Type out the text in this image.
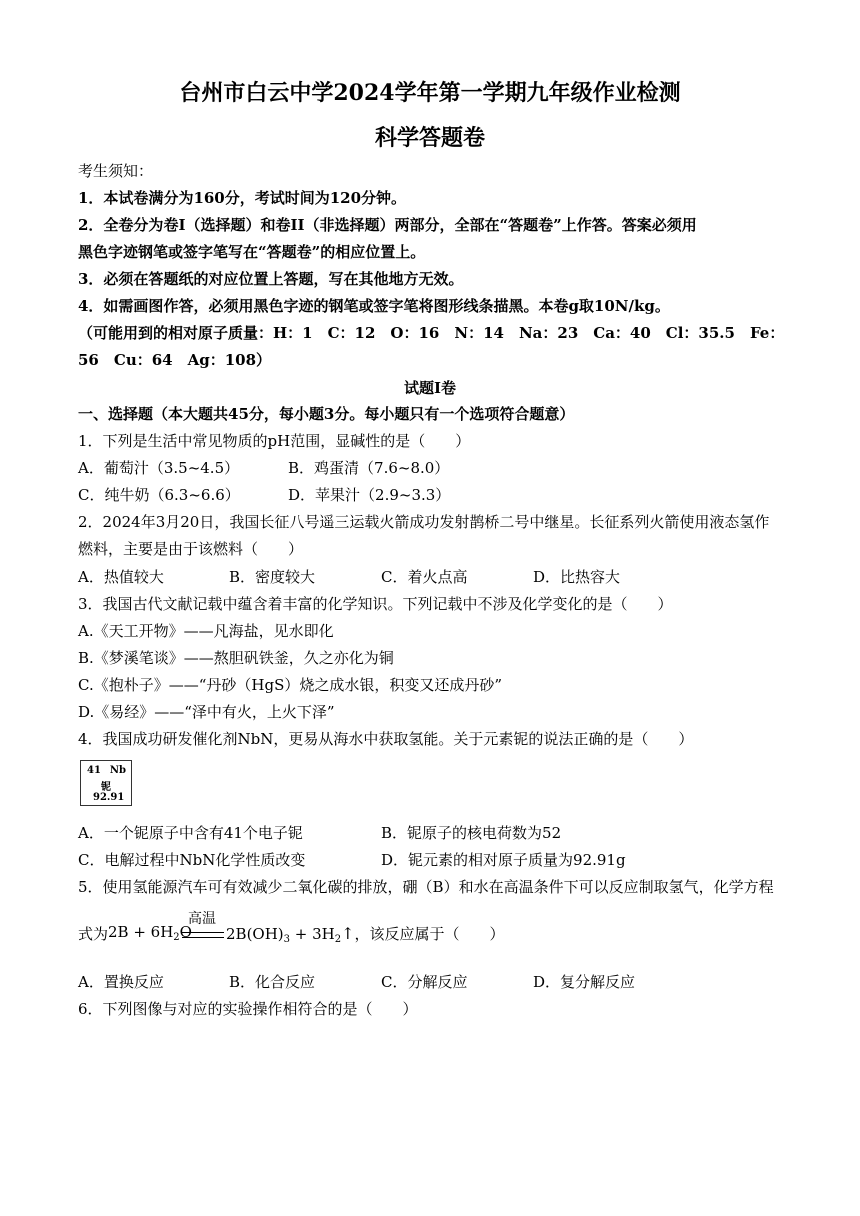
台州市白云中学2024学年第一学期九年级作业检测
科学答题卷
考生须知：
1．本试卷满分为160分，考试时间为120分钟。
2．全卷分为卷I（选择题）和卷II（非选择题）两部分，全部在“答题卷”上作答。答案必须用
黑色字迹钢笔或签字笔写在“答题卷”的相应位置上。
3．必须在答题纸的对应位置上答题，写在其他地方无效。
4．如需画图作答，必须用黑色字迹的钢笔或签字笔将图形线条描黑。本卷g取10N/kg。
（可能用到的相对原子质量：H：1　C：12　O：16　N：14　Na：23　Ca：40　Cl：35.5　Fe：
56　Cu：64　Ag：108）
试题I卷
一、选择题（本大题共45分，每小题3分。每小题只有一个选项符合题意）
1．下列是生活中常见物质的pH范围，显碱性的是（　　）
A．葡萄汁（3.5~4.5）	B．鸡蛋清（7.6~8.0）
C．纯牛奶（6.3~6.6）	D．苹果汁（2.9~3.3）
2．2024年3月20日，我国长征八号遥三运载火箭成功发射鹊桥二号中继星。长征系列火箭使用液态氢作
燃料，主要是由于该燃料（　　）
A．热值较大	B．密度较大	C．着火点高	D．比热容大
3．我国古代文献记载中蕴含着丰富的化学知识。下列记载中不涉及化学变化的是（　　）
A.《天工开物》——凡海盐，见水即化
B.《梦溪笔谈》——熬胆矾铁釜，久之亦化为铜
C.《抱朴子》——“丹砂（HgS）烧之成水银，积变又还成丹砂”
D.《易经》——“泽中有火，上火下泽”
4．我国成功研发催化剂NbN，更易从海水中获取氢能。关于元素铌的说法正确的是（　　）
41 Nb
铌
92.91
A．一个铌原子中含有41个电子铌	B．铌原子的核电荷数为52
C．电解过程中NbN化学性质改变	D．铌元素的相对原子质量为92.91g
5．使用氢能源汽车可有效减少二氧化碳的排放，硼（B）和水在高温条件下可以反应制取氢气，化学方程
式为 $2B + 6H_2O$
高温
$2B(OH)_3$ + $3H_2↑$，该反应属于（　　）
A．置换反应	B．化合反应	C．分解反应	D．复分解反应
6．下列图像与对应的实验操作相符合的是（　　）
